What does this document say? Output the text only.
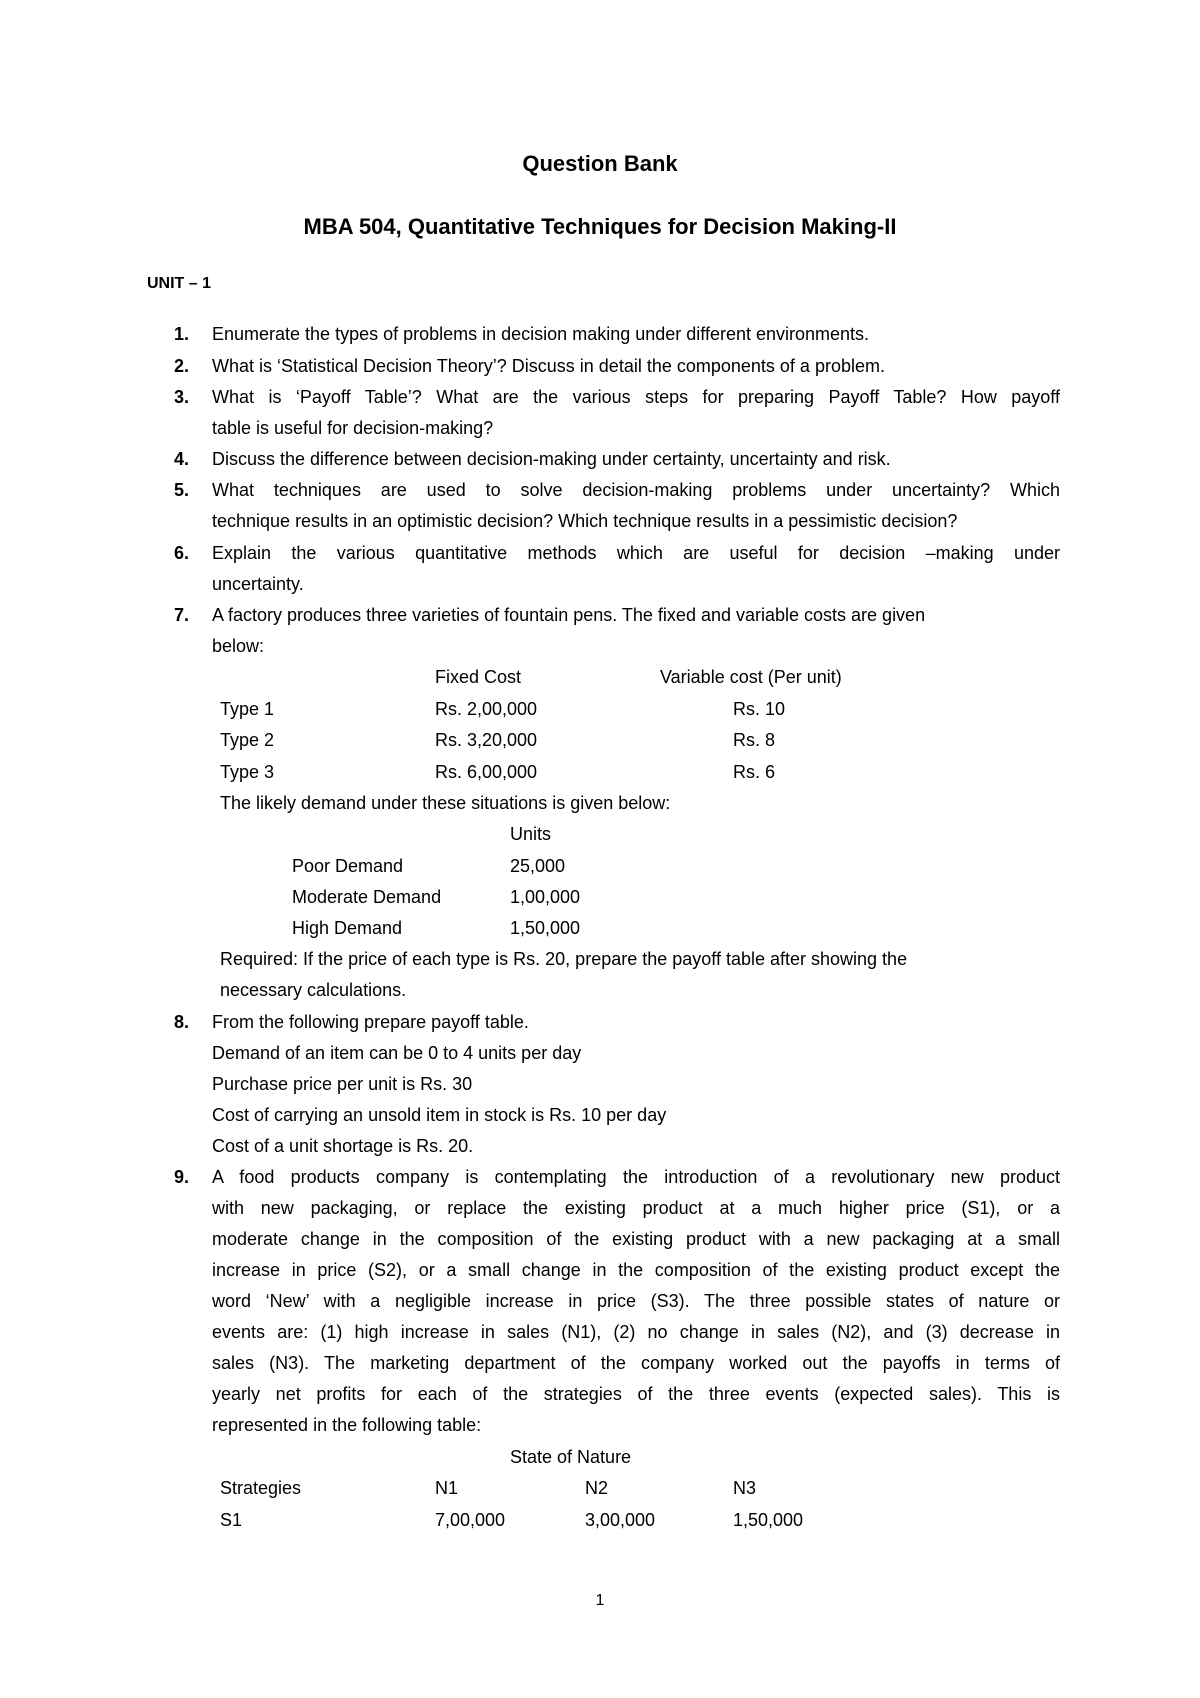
Question Bank
MBA 504, Quantitative Techniques for Decision Making-II
UNIT – 1
1.	Enumerate the types of problems in decision making under different environments.
2.	What is ‘Statistical Decision Theory’? Discuss in detail the components of a problem.
3.	What is ‘Payoff Table’? What are the various steps for preparing Payoff Table? How payoff
table is useful for decision-making?
4.	Discuss the difference between decision-making under certainty, uncertainty and risk.
5.	What techniques are used to solve decision-making problems under uncertainty? Which
technique results in an optimistic decision? Which technique results in a pessimistic decision?
6.	Explain the various quantitative methods which are useful for decision –making under
uncertainty.
7.	A factory produces three varieties of fountain pens. The fixed and variable costs are given
below:
Fixed Cost	Variable cost (Per unit)
Type 1	Rs. 2,00,000	Rs. 10
Type 2	Rs. 3,20,000	Rs. 8
Type 3	Rs. 6,00,000	Rs. 6
The likely demand under these situations is given below:
Units
Poor Demand	25,000
Moderate Demand	1,00,000
High Demand	1,50,000
Required: If the price of each type is Rs. 20, prepare the payoff table after showing the
necessary calculations.
8.	From the following prepare payoff table.
Demand of an item can be 0 to 4 units per day
Purchase price per unit is Rs. 30
Cost of carrying an unsold item in stock is Rs. 10 per day
Cost of a unit shortage is Rs. 20.
9.	A food products company is contemplating the introduction of a revolutionary new product
with new packaging, or replace the existing product at a much higher price (S1), or a
moderate change in the composition of the existing product with a new packaging at a small
increase in price (S2), or a small change in the composition of the existing product except the
word ‘New’ with a negligible increase in price (S3). The three possible states of nature or
events are: (1) high increase in sales (N1), (2) no change in sales (N2), and (3) decrease in
sales (N3). The marketing department of the company worked out the payoffs in terms of
yearly net profits for each of the strategies of the three events (expected sales). This is
represented in the following table:
State of Nature
Strategies	N1	N2	N3
S1	7,00,000	3,00,000	1,50,000
1
